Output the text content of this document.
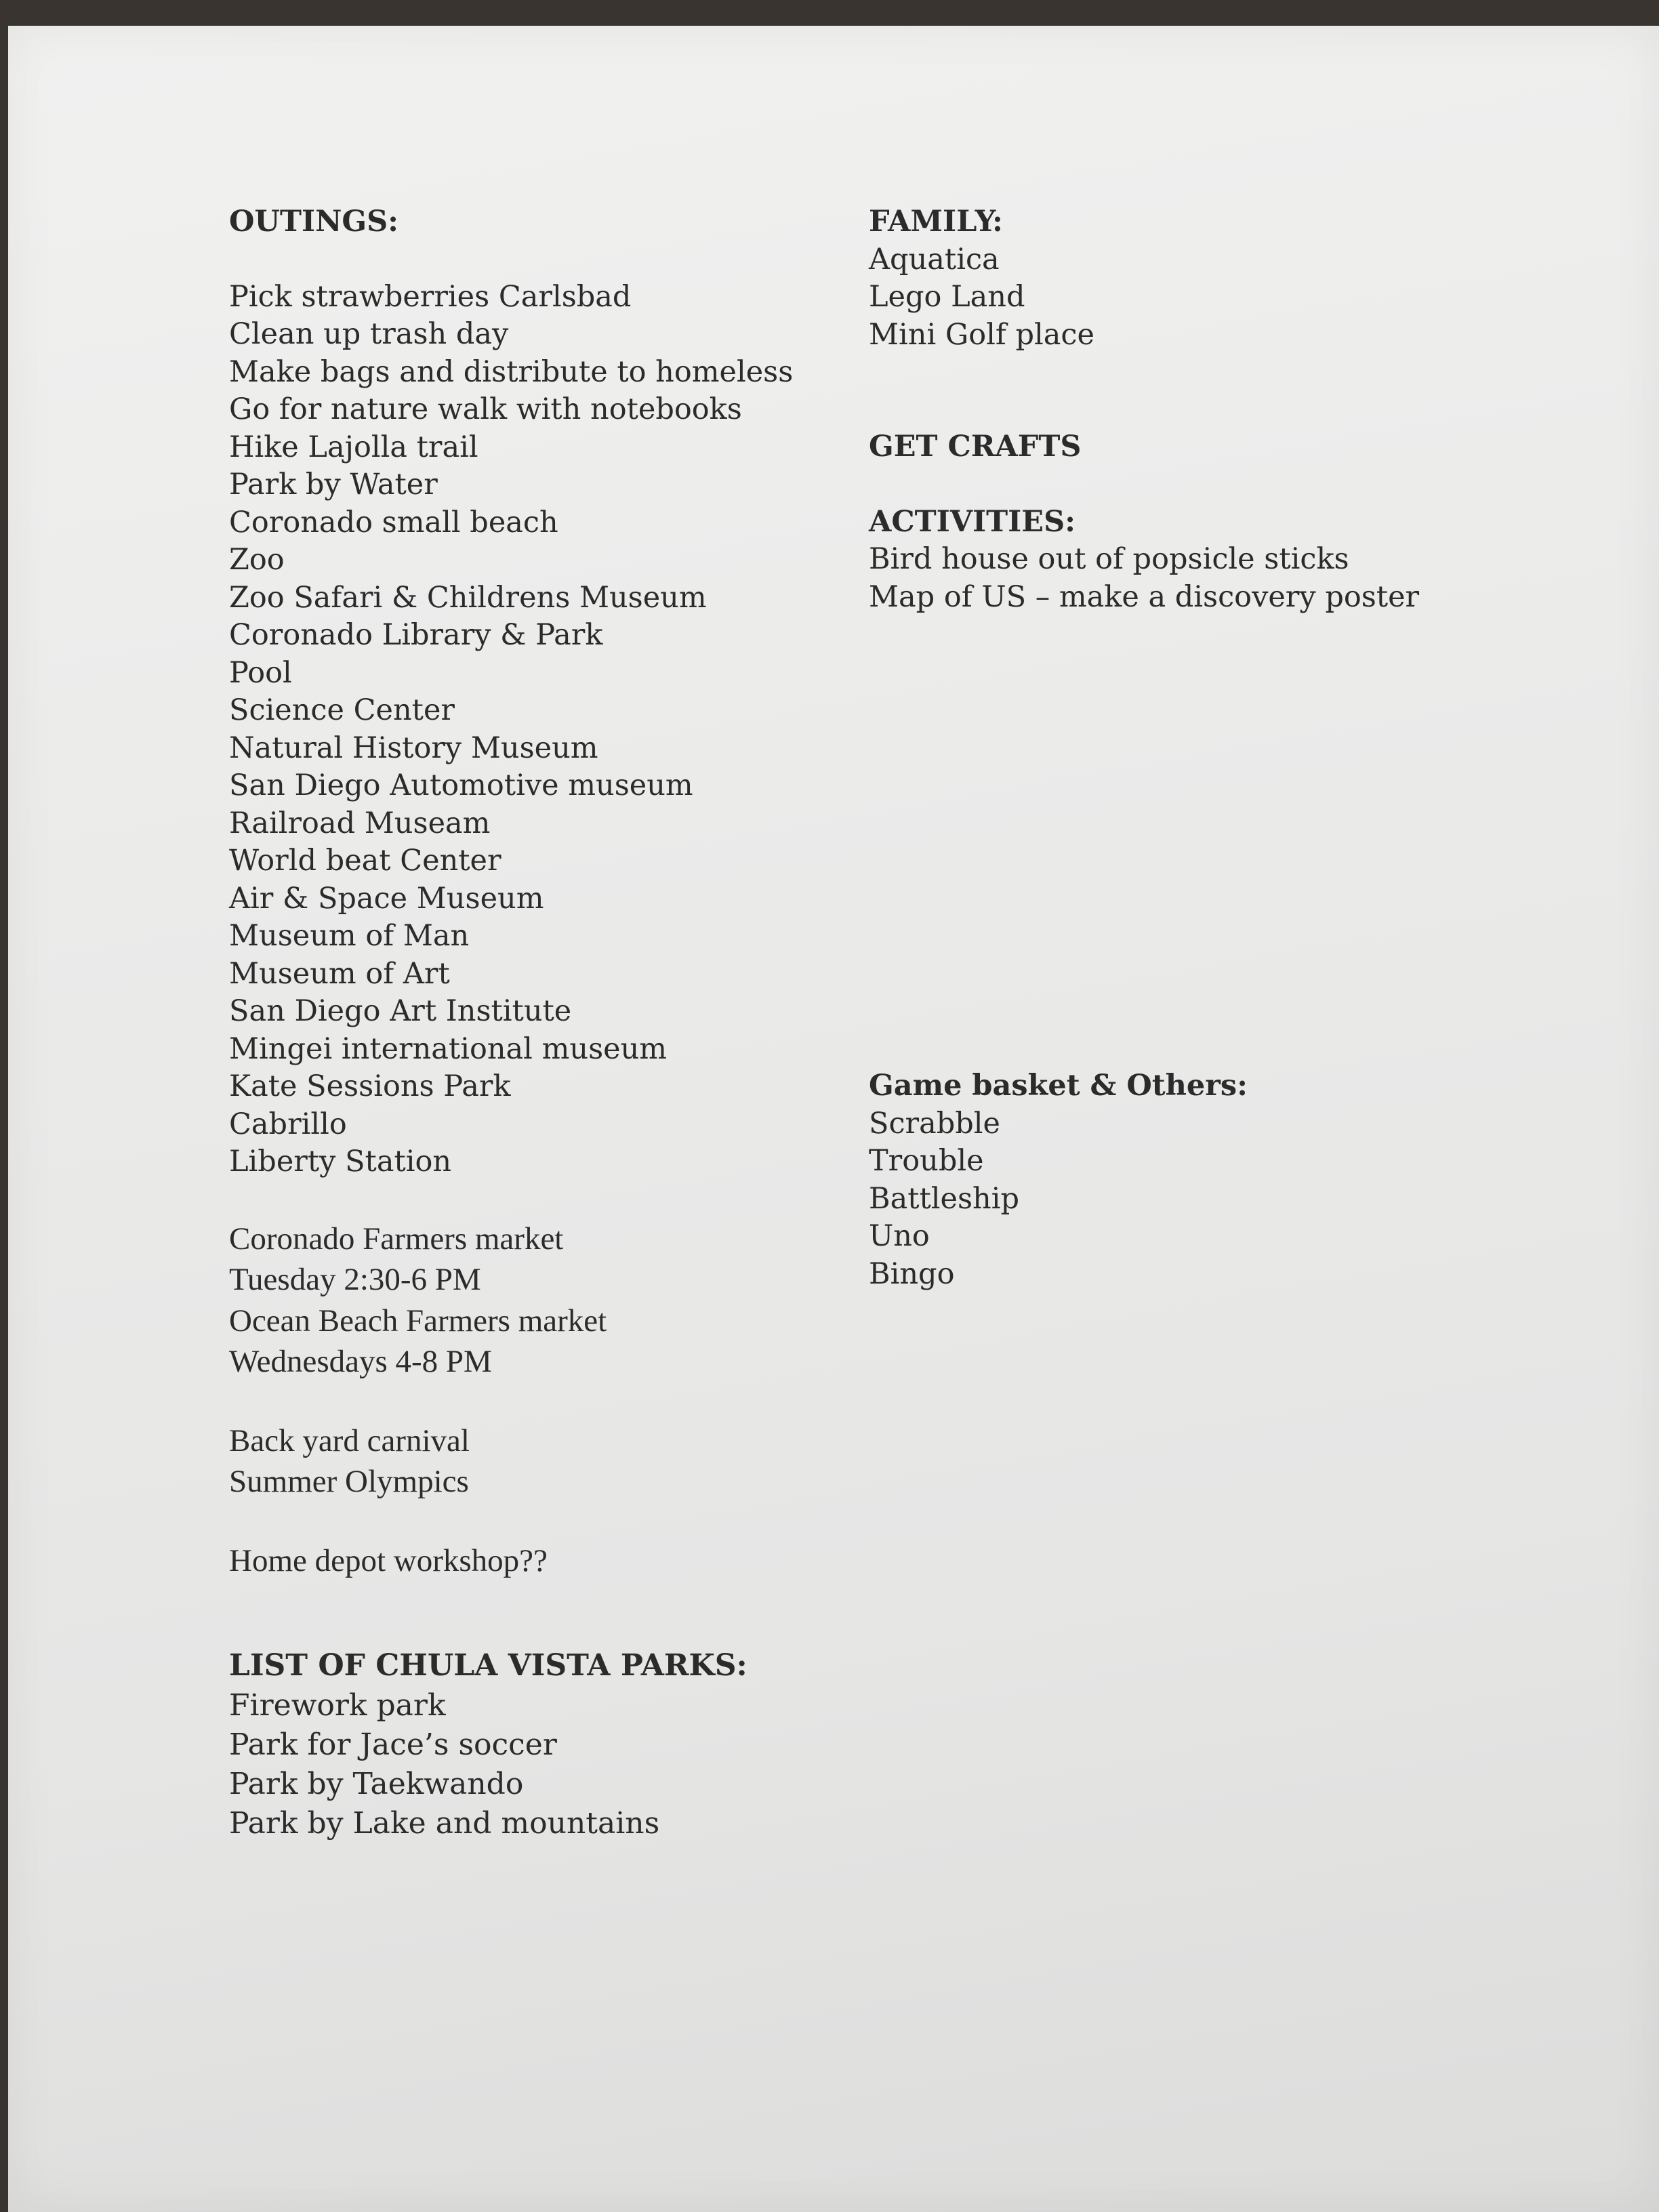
OUTINGS:
Pick strawberries Carlsbad
Clean up trash day
Make bags and distribute to homeless
Go for nature walk with notebooks
Hike Lajolla trail
Park by Water
Coronado small beach
Zoo
Zoo Safari & Childrens Museum
Coronado Library & Park
Pool
Science Center
Natural History Museum
San Diego Automotive museum
Railroad Museam
World beat Center
Air & Space Museum
Museum of Man
Museum of Art
San Diego Art Institute
Mingei international museum
Kate Sessions Park
Cabrillo
Liberty Station
Coronado Farmers market
Tuesday 2:30-6 PM
Ocean Beach Farmers market
Wednesdays 4-8 PM
Back yard carnival
Summer Olympics
Home depot workshop??
LIST OF CHULA VISTA PARKS:
Firework park
Park for Jace’s soccer
Park by Taekwando
Park by Lake and mountains
FAMILY:
Aquatica
Lego Land
Mini Golf place
GET CRAFTS
ACTIVITIES:
Bird house out of popsicle sticks
Map of US – make a discovery poster
Game basket & Others:
Scrabble
Trouble
Battleship
Uno
Bingo
